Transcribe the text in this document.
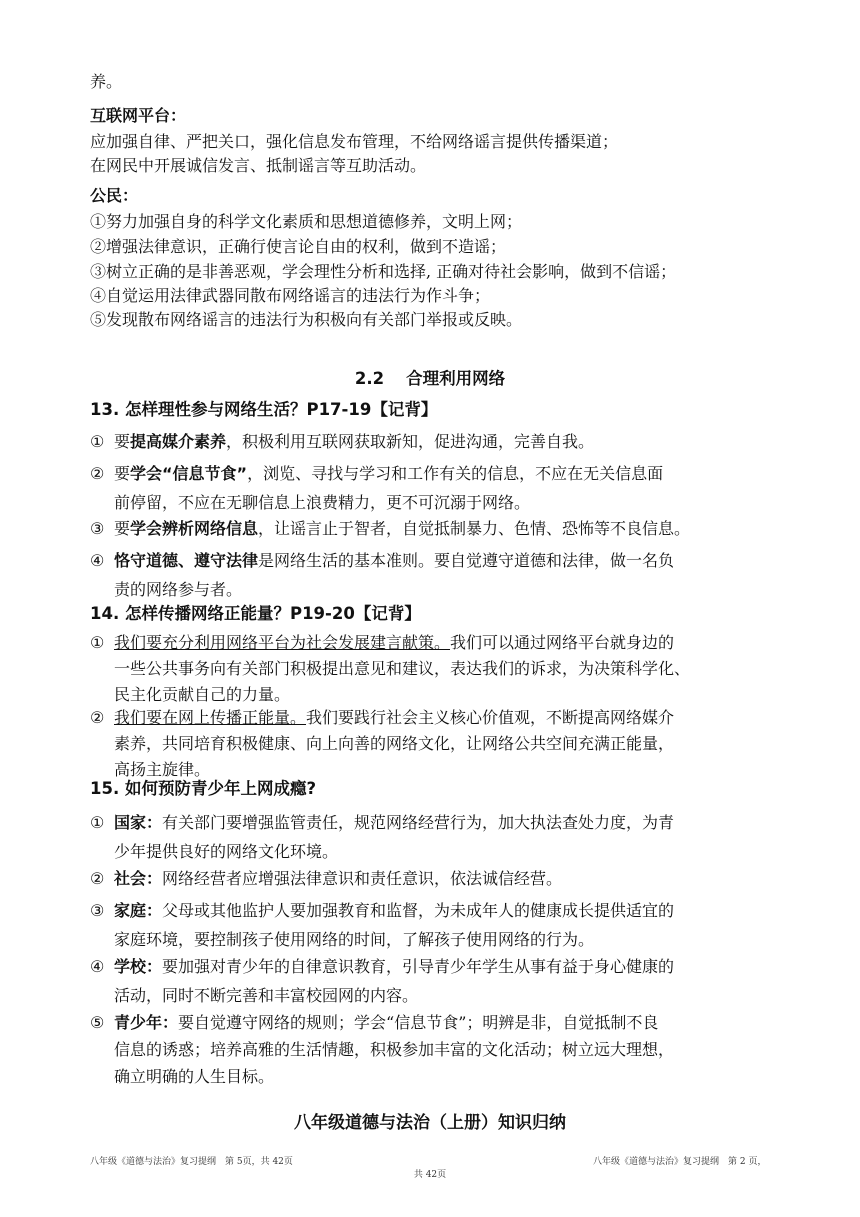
养。
互联网平台：
应加强自律、严把关口，强化信息发布管理，不给网络谣言提供传播渠道；
在网民中开展诚信发言、抵制谣言等互助活动。
公民：
①努力加强自身的科学文化素质和思想道德修养，文明上网；
②增强法律意识，正确行使言论自由的权利，做到不造谣；
③树立正确的是非善恶观，学会理性分析和选择, 正确对待社会影响，做到不信谣；
④自觉运用法律武器同散布网络谣言的违法行为作斗争；
⑤发现散布网络谣言的违法行为积极向有关部门举报或反映。
2.2 合理利用网络
13. 怎样理性参与网络生活？P17-19【记背】
① 要提高媒介素养，积极利用互联网获取新知，促进沟通，完善自我。
② 要学会“信息节食”，浏览、寻找与学习和工作有关的信息，不应在无关信息面
前停留，不应在无聊信息上浪费精力，更不可沉溺于网络。
③ 要学会辨析网络信息，让谣言止于智者，自觉抵制暴力、色情、恐怖等不良信息。
④ 恪守道德、遵守法律是网络生活的基本准则。要自觉遵守道德和法律，做一名负
责的网络参与者。
14. 怎样传播网络正能量？P19-20【记背】
① 我们要充分利用网络平台为社会发展建言献策。我们可以通过网络平台就身边的
一些公共事务向有关部门积极提出意见和建议，表达我们的诉求，为决策科学化、
民主化贡献自己的力量。
② 我们要在网上传播正能量。我们要践行社会主义核心价值观，不断提高网络媒介
素养，共同培育积极健康、向上向善的网络文化，让网络公共空间充满正能量，
高扬主旋律。
15. 如何预防青少年上网成瘾?
① 国家：有关部门要增强监管责任，规范网络经营行为，加大执法查处力度，为青
少年提供良好的网络文化环境。
② 社会：网络经营者应增强法律意识和责任意识，依法诚信经营。
③ 家庭：父母或其他监护人要加强教育和监督，为未成年人的健康成长提供适宜的
家庭环境，要控制孩子使用网络的时间，了解孩子使用网络的行为。
④ 学校：要加强对青少年的自律意识教育，引导青少年学生从事有益于身心健康的
活动，同时不断完善和丰富校园网的内容。
⑤ 青少年：要自觉遵守网络的规则；学会“信息节食”；明辨是非，自觉抵制不良
信息的诱惑；培养高雅的生活情趣，积极参加丰富的文化活动；树立远大理想，
确立明确的人生目标。
八年级道德与法治（上册）知识归纳
八年级《道德与法治》复习提纲　第 5页，共 42页	八年级《道德与法治》复习提纲　第 2 页，
共 42页
